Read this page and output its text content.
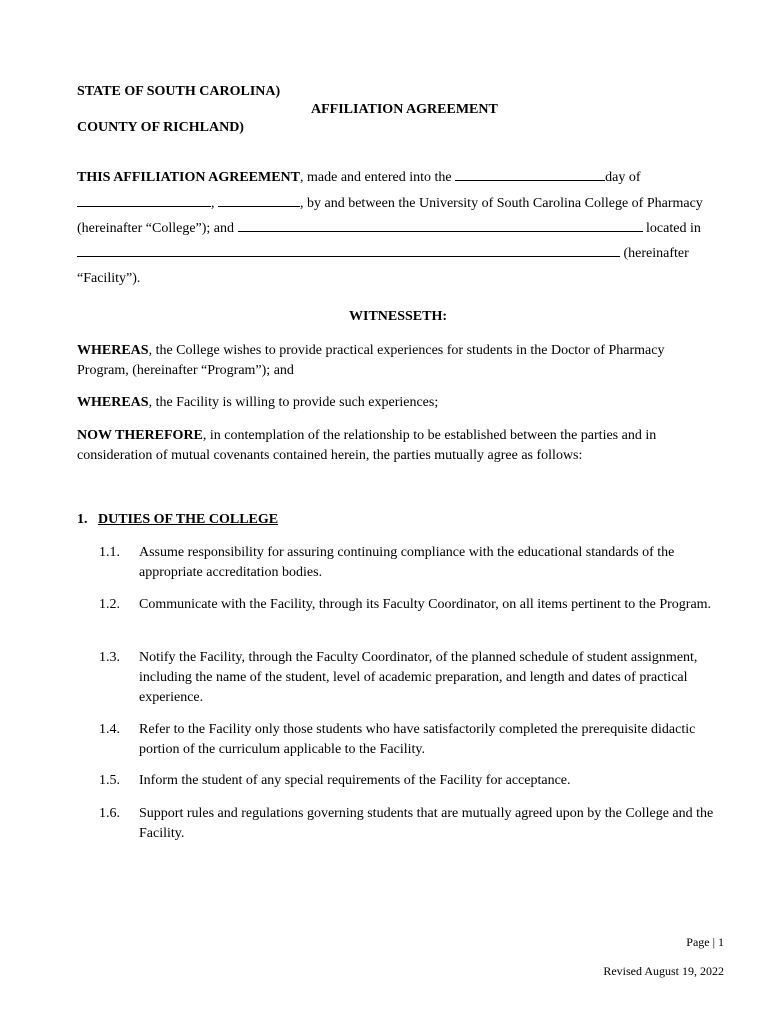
STATE OF SOUTH CAROLINA)
AFFILIATION AGREEMENT
COUNTY OF RICHLAND)
THIS AFFILIATION AGREEMENT, made and entered into the	day of
,	, by and between the University of South Carolina College of Pharmacy
(hereinafter “College”); and	located in
(hereinafter
“Facility”).
WITNESSETH:
WHEREAS, the College wishes to provide practical experiences for students in the Doctor of Pharmacy Program, (hereinafter “Program”); and
WHEREAS, the Facility is willing to provide such experiences;
NOW THEREFORE, in contemplation of the relationship to be established between the parties and in consideration of mutual covenants contained herein, the parties mutually agree as follows:
1. DUTIES OF THE COLLEGE
1.1.	Assume responsibility for assuring continuing compliance with the educational standards of the appropriate accreditation bodies.
1.2.	Communicate with the Facility, through its Faculty Coordinator, on all items pertinent to the Program.
1.3.	Notify the Facility, through the Faculty Coordinator, of the planned schedule of student assignment, including the name of the student, level of academic preparation, and length and dates of practical experience.
1.4.	Refer to the Facility only those students who have satisfactorily completed the prerequisite didactic portion of the curriculum applicable to the Facility.
1.5.	Inform the student of any special requirements of the Facility for acceptance.
1.6.	Support rules and regulations governing students that are mutually agreed upon by the College and the Facility.
Page | 1
Revised August 19, 2022
